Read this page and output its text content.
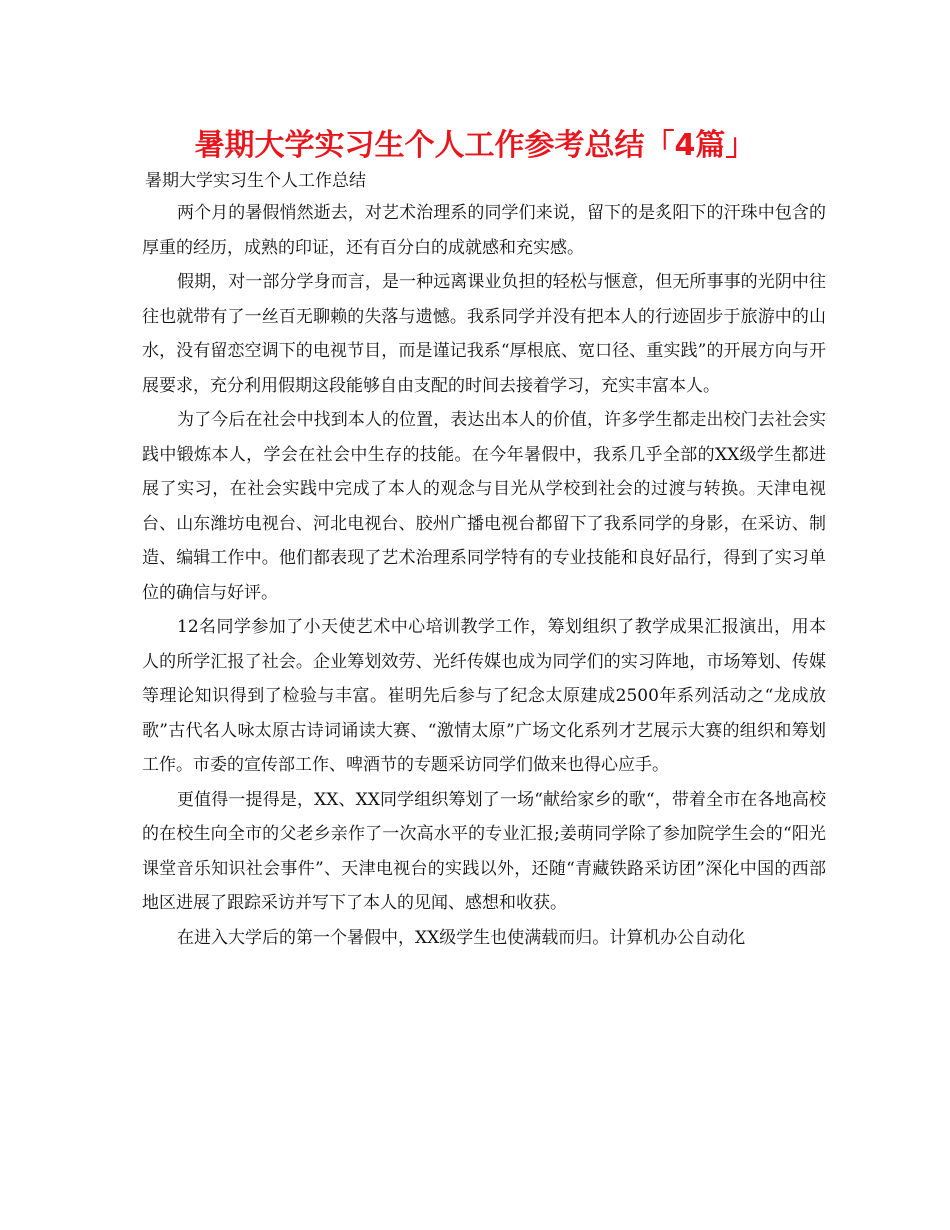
暑期大学实习生个人工作参考总结「4篇」
暑期大学实习生个人工作总结

两个月的暑假悄然逝去，对艺术治理系的同学们来说，留下的是炙阳下的汗珠中包含的厚重的经历，成熟的印证，还有百分白的成就感和充实感。

假期，对一部分学身而言，是一种远离课业负担的轻松与惬意，但无所事事的光阴中往往也就带有了一丝百无聊赖的失落与遗憾。我系同学并没有把本人的行迹固步于旅游中的山水，没有留恋空调下的电视节目，而是谨记我系“厚根底、宽口径、重实践”的开展方向与开展要求，充分利用假期这段能够自由支配的时间去接着学习，充实丰富本人。

为了今后在社会中找到本人的位置，表达出本人的价值，许多学生都走出校门去社会实践中锻炼本人，学会在社会中生存的技能。在今年暑假中，我系几乎全部的XX级学生都进展了实习，在社会实践中完成了本人的观念与目光从学校到社会的过渡与转换。天津电视台、山东潍坊电视台、河北电视台、胶州广播电视台都留下了我系同学的身影，在采访、制造、编辑工作中。他们都表现了艺术治理系同学特有的专业技能和良好品行，得到了实习单位的确信与好评。

12名同学参加了小天使艺术中心培训教学工作，筹划组织了教学成果汇报演出，用本人的所学汇报了社会。企业筹划效劳、光纤传媒也成为同学们的实习阵地，市场筹划、传媒等理论知识得到了检验与丰富。崔明先后参与了纪念太原建成2500年系列活动之“龙成放歌”古代名人咏太原古诗词诵读大赛、“激情太原”广场文化系列才艺展示大赛的组织和筹划工作。市委的宣传部工作、啤酒节的专题采访同学们做来也得心应手。

更值得一提得是，XX、XX同学组织筹划了一场“献给家乡的歌“，带着全市在各地高校的在校生向全市的父老乡亲作了一次高水平的专业汇报;姜萌同学除了参加院学生会的“阳光课堂音乐知识社会事件”、天津电视台的实践以外，还随“青藏铁路采访团”深化中国的西部地区进展了跟踪采访并写下了本人的见闻、感想和收获。

在进入大学后的第一个暑假中，XX级学生也使满载而归。计算机办公自动化
